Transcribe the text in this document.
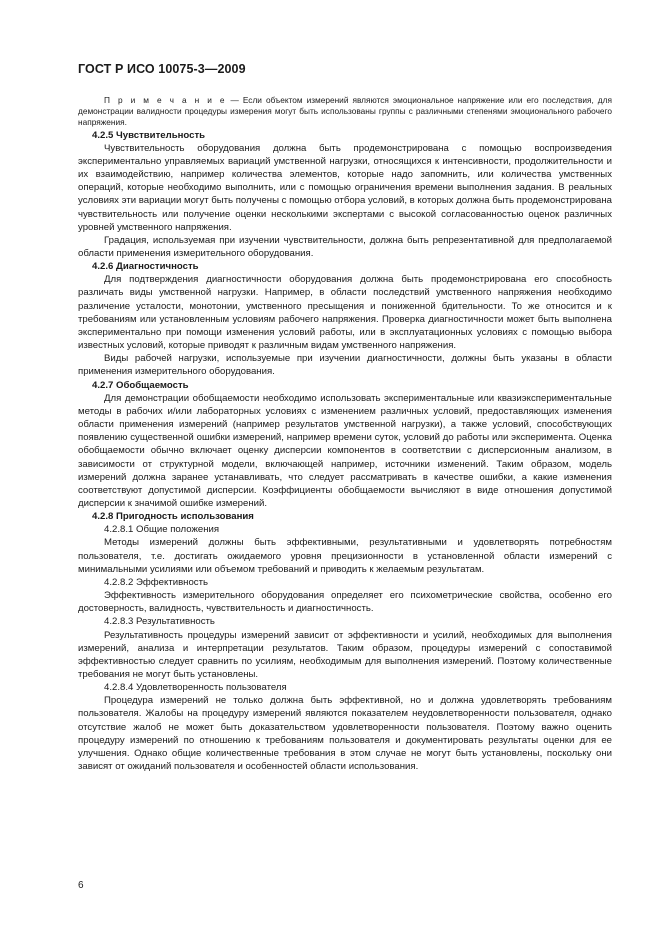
ГОСТ Р ИСО 10075-3—2009

П р и м е ч а н и е — Если объектом измерений являются эмоциональное напряжение или его последствия, для демонстрации валидности процедуры измерения могут быть использованы группы с различными степенями эмоционального рабочего напряжения.

4.2.5 Чувствительность

Чувствительность оборудования должна быть продемонстрирована с помощью воспроизведения экспериментально управляемых вариаций умственной нагрузки, относящихся к интенсивности, продолжительности и их взаимодействию, например количества элементов, которые надо запомнить, или количества умственных операций, которые необходимо выполнить, или с помощью ограничения времени выполнения задания. В реальных условиях эти вариации могут быть получены с помощью отбора условий, в которых должна быть продемонстрирована чувствительность или получение оценки несколькими экспертами с высокой согласованностью оценок различных уровней умственного напряжения.

Градация, используемая при изучении чувствительности, должна быть репрезентативной для предполагаемой области применения измерительного оборудования.

4.2.6 Диагностичность

Для подтверждения диагностичности оборудования должна быть продемонстрирована его способность различать виды умственной нагрузки. Например, в области последствий умственного напряжения необходимо различение усталости, монотонии, умственного пресыщения и пониженной бдительности. То же относится и к требованиям или установленным условиям рабочего напряжения. Проверка диагностичности может быть выполнена экспериментально при помощи изменения условий работы, или в эксплуатационных условиях с помощью выбора известных условий, которые приводят к различным видам умственного напряжения.

Виды рабочей нагрузки, используемые при изучении диагностичности, должны быть указаны в области применения измерительного оборудования.

4.2.7 Обобщаемость

Для демонстрации обобщаемости необходимо использовать экспериментальные или квазиэкспериментальные методы в рабочих и/или лабораторных условиях с изменением различных условий, предоставляющих изменения области применения измерений (например результатов умственной нагрузки), а также условий, способствующих появлению существенной ошибки измерений, например времени суток, условий до работы или эксперимента. Оценка обобщаемости обычно включает оценку дисперсии компонентов в соответствии с дисперсионным анализом, в зависимости от структурной модели, включающей например, источники изменений. Таким образом, модель измерений должна заранее устанавливать, что следует рассматривать в качестве ошибки, а какие изменения соответствуют допустимой дисперсии. Коэффициенты обобщаемости вычисляют в виде отношения допустимой дисперсии к значимой ошибке измерений.

4.2.8 Пригодность использования

4.2.8.1 Общие положения

Методы измерений должны быть эффективными, результативными и удовлетворять потребностям пользователя, т.е. достигать ожидаемого уровня прецизионности в установленной области измерений с минимальными усилиями или объемом требований и приводить к желаемым результатам.

4.2.8.2 Эффективность

Эффективность измерительного оборудования определяет его психометрические свойства, особенно его достоверность, валидность, чувствительность и диагностичность.

4.2.8.3 Результативность

Результативность процедуры измерений зависит от эффективности и усилий, необходимых для выполнения измерений, анализа и интерпретации результатов. Таким образом, процедуры измерений с сопоставимой эффективностью следует сравнить по усилиям, необходимым для выполнения измерений. Поэтому количественные требования не могут быть установлены.

4.2.8.4 Удовлетворенность пользователя

Процедура измерений не только должна быть эффективной, но и должна удовлетворять требованиям пользователя. Жалобы на процедуру измерений являются показателем неудовлетворенности пользователя, однако отсутствие жалоб не может быть доказательством удовлетворенности пользователя. Поэтому важно оценить процедуру измерений по отношению к требованиям пользователя и документировать результаты оценки для ее улучшения. Однако общие количественные требования в этом случае не могут быть установлены, поскольку они зависят от ожиданий пользователя и особенностей области использования.

6
